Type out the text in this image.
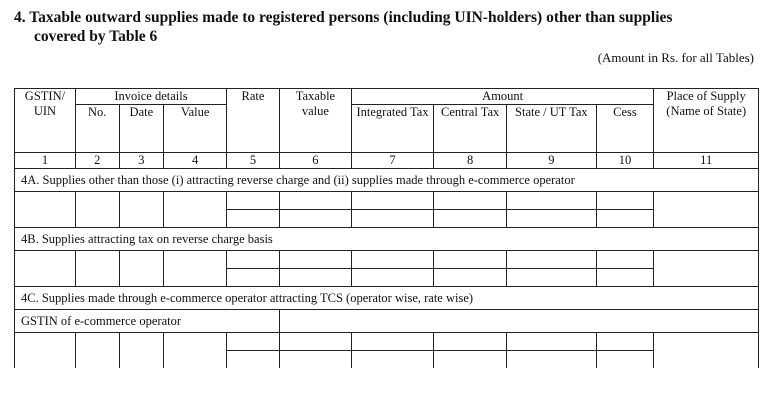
4. Taxable outward supplies made to registered persons (including UIN-holders) other than supplies
covered by Table 6
(Amount in Rs. for all Tables)
GSTIN/ UIN	Invoice details			Rate	Taxable value	Amount				Place of Supply (Name of State)
	No.	Date	Value			Integrated Tax	Central Tax	State / UT Tax	Cess	
1	2	3	4	5	6	7	8	9	10	11
4A. Supplies other than those (i) attracting reverse charge and (ii) supplies made through e-commerce operator										

4B. Supplies attracting tax on reverse charge basis										

4C. Supplies made through e-commerce operator attracting TCS (operator wise, rate wise)										
GSTIN of e-commerce operator										
